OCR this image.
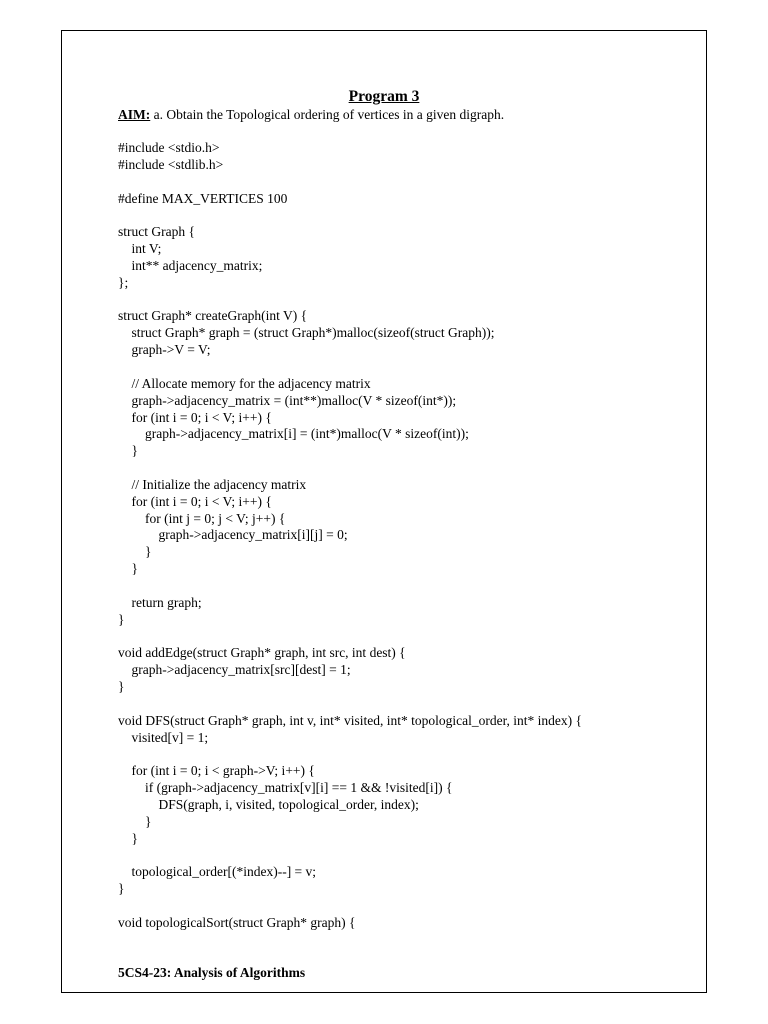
Program 3
AIM: a. Obtain the Topological ordering of vertices in a given digraph.
#include <stdio.h>
#include <stdlib.h>
#define MAX_VERTICES 100
struct Graph {
int V;
int** adjacency_matrix;
};
struct Graph* createGraph(int V) {
struct Graph* graph = (struct Graph*)malloc(sizeof(struct Graph));
graph->V = V;
// Allocate memory for the adjacency matrix
graph->adjacency_matrix = (int**)malloc(V * sizeof(int*));
for (int i = 0; i < V; i++) {
graph->adjacency_matrix[i] = (int*)malloc(V * sizeof(int));
}
// Initialize the adjacency matrix
for (int i = 0; i < V; i++) {
for (int j = 0; j < V; j++) {
graph->adjacency_matrix[i][j] = 0;
}
}
return graph;
}
void addEdge(struct Graph* graph, int src, int dest) {
graph->adjacency_matrix[src][dest] = 1;
}
void DFS(struct Graph* graph, int v, int* visited, int* topological_order, int* index) {
visited[v] = 1;
for (int i = 0; i < graph->V; i++) {
if (graph->adjacency_matrix[v][i] == 1 && !visited[i]) {
DFS(graph, i, visited, topological_order, index);
}
}
topological_order[(*index)--] = v;
}
void topologicalSort(struct Graph* graph) {
5CS4-23: Analysis of Algorithms
